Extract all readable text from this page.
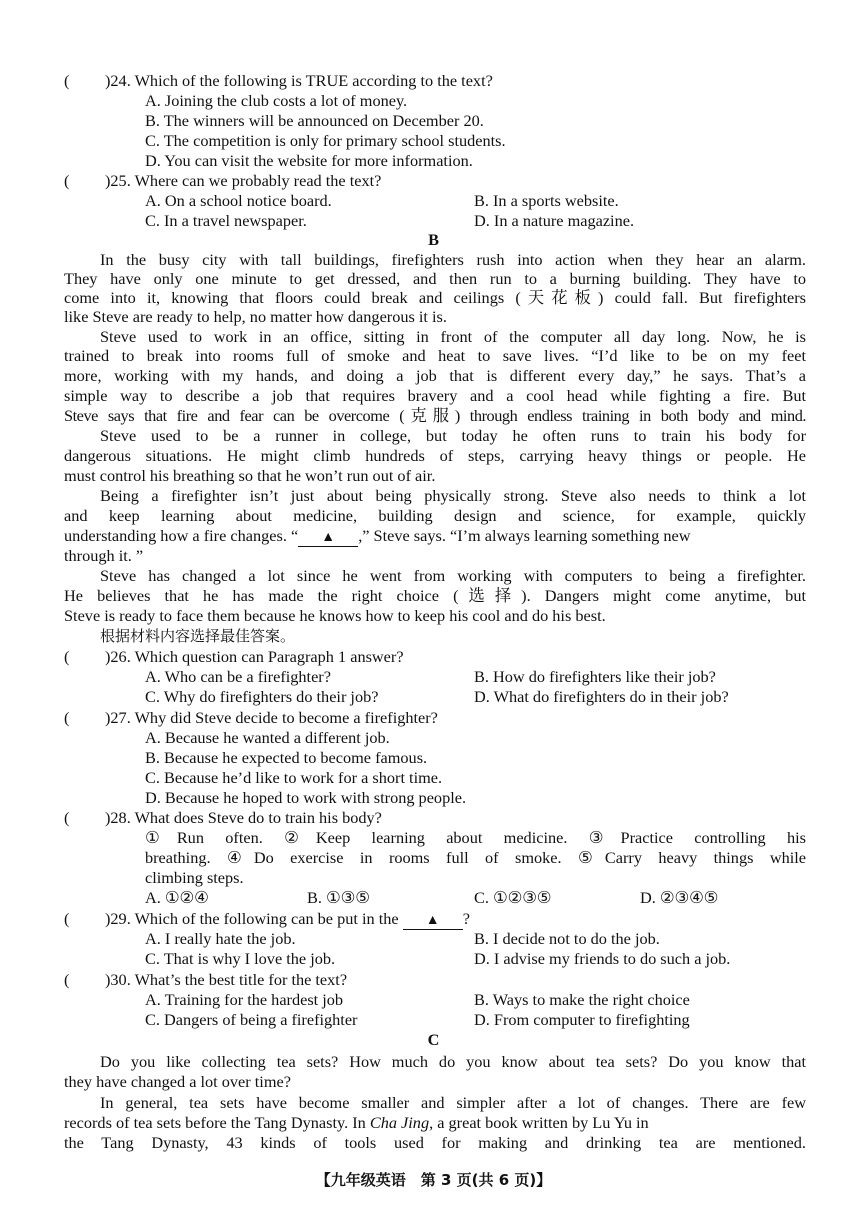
( )24. Which of the following is TRUE according to the text?
A. Joining the club costs a lot of money.
B. The winners will be announced on December 20.
C. The competition is only for primary school students.
D. You can visit the website for more information.
( )25. Where can we probably read the text?
A. On a school notice board.	B. In a sports website.
C. In a travel newspaper.	D. In a nature magazine.
B
In the busy city with tall buildings, firefighters rush into action when they hear an alarm.
They have only one minute to get dressed, and then run to a burning building. They have to
come into it, knowing that floors could break and ceilings (天花板) could fall. But firefighters
like Steve are ready to help, no matter how dangerous it is.
Steve used to work in an office, sitting in front of the computer all day long. Now, he is
trained to break into rooms full of smoke and heat to save lives. “I’d like to be on my feet
more, working with my hands, and doing a job that is different every day,” he says. That’s a
simple way to describe a job that requires bravery and a cool head while fighting a fire. But
Steve says that fire and fear can be overcome (克服) through endless training in both body and mind.
Steve used to be a runner in college, but today he often runs to train his body for
dangerous situations. He might climb hundreds of steps, carrying heavy things or people. He
must control his breathing so that he won’t run out of air.
Being a firefighter isn’t just about being physically strong. Steve also needs to think a lot
and keep learning about medicine, building design and science, for example, quickly
understanding how a fire changes. “ ▲ ,” Steve says. “I’m always learning something new
through it. ”
Steve has changed a lot since he went from working with computers to being a firefighter.
He believes that he has made the right choice (选择). Dangers might come anytime, but
Steve is ready to face them because he knows how to keep his cool and do his best.
根据材料内容选择最佳答案。
( )26. Which question can Paragraph 1 answer?
A. Who can be a firefighter?	B. How do firefighters like their job?
C. Why do firefighters do their job?	D. What do firefighters do in their job?
( )27. Why did Steve decide to become a firefighter?
A. Because he wanted a different job.
B. Because he expected to become famous.
C. Because he’d like to work for a short time.
D. Because he hoped to work with strong people.
( )28. What does Steve do to train his body?
①Run often. ②Keep learning about medicine. ③Practice controlling his
breathing. ④Do exercise in rooms full of smoke. ⑤Carry heavy things while
climbing steps.
A. ①②④	B. ①③⑤	C. ①②③⑤	D. ②③④⑤
( )29. Which of the following can be put in the ▲ ?
A. I really hate the job.	B. I decide not to do the job.
C. That is why I love the job.	D. I advise my friends to do such a job.
( )30. What’s the best title for the text?
A. Training for the hardest job	B. Ways to make the right choice
C. Dangers of being a firefighter	D. From computer to firefighting
C
Do you like collecting tea sets? How much do you know about tea sets? Do you know that
they have changed a lot over time?
In general, tea sets have become smaller and simpler after a lot of changes. There are few
records of tea sets before the Tang Dynasty. In Cha Jing, a great book written by Lu Yu in
the Tang Dynasty, 43 kinds of tools used for making and drinking tea are mentioned.
【九年级英语　第 3 页(共 6 页)】
